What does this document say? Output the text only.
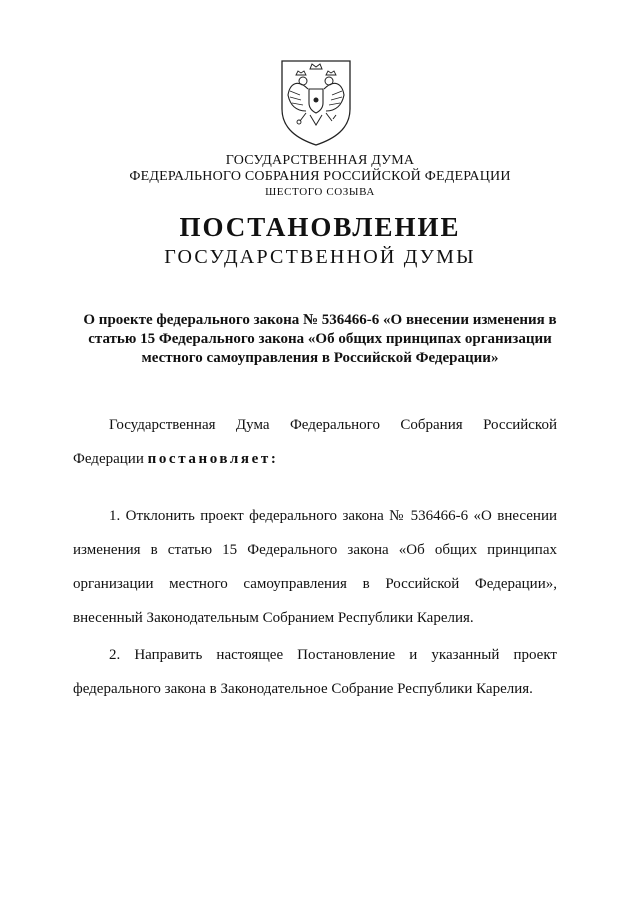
ГОСУДАРСТВЕННАЯ ДУМА
ФЕДЕРАЛЬНОГО СОБРАНИЯ РОССИЙСКОЙ ФЕДЕРАЦИИ
ШЕСТОГО СОЗЫВА
ПОСТАНОВЛЕНИЕ
ГОСУДАРСТВЕННОЙ ДУМЫ
О проекте федерального закона № 536466-6 «О внесении изменения в
статью 15 Федерального закона «Об общих принципах организации
местного самоуправления в Российской Федерации»
Государственная Дума Федерального Собрания Российской
Федерации постановляет:
1. Отклонить проект федерального закона № 536466-6 «О внесении
изменения в статью 15 Федерального закона «Об общих принципах
организации местного самоуправления в Российской Федерации»,
внесенный Законодательным Собранием Республики Карелия.
2. Направить настоящее Постановление и указанный проект
федерального закона в Законодательное Собрание Республики Карелия.
